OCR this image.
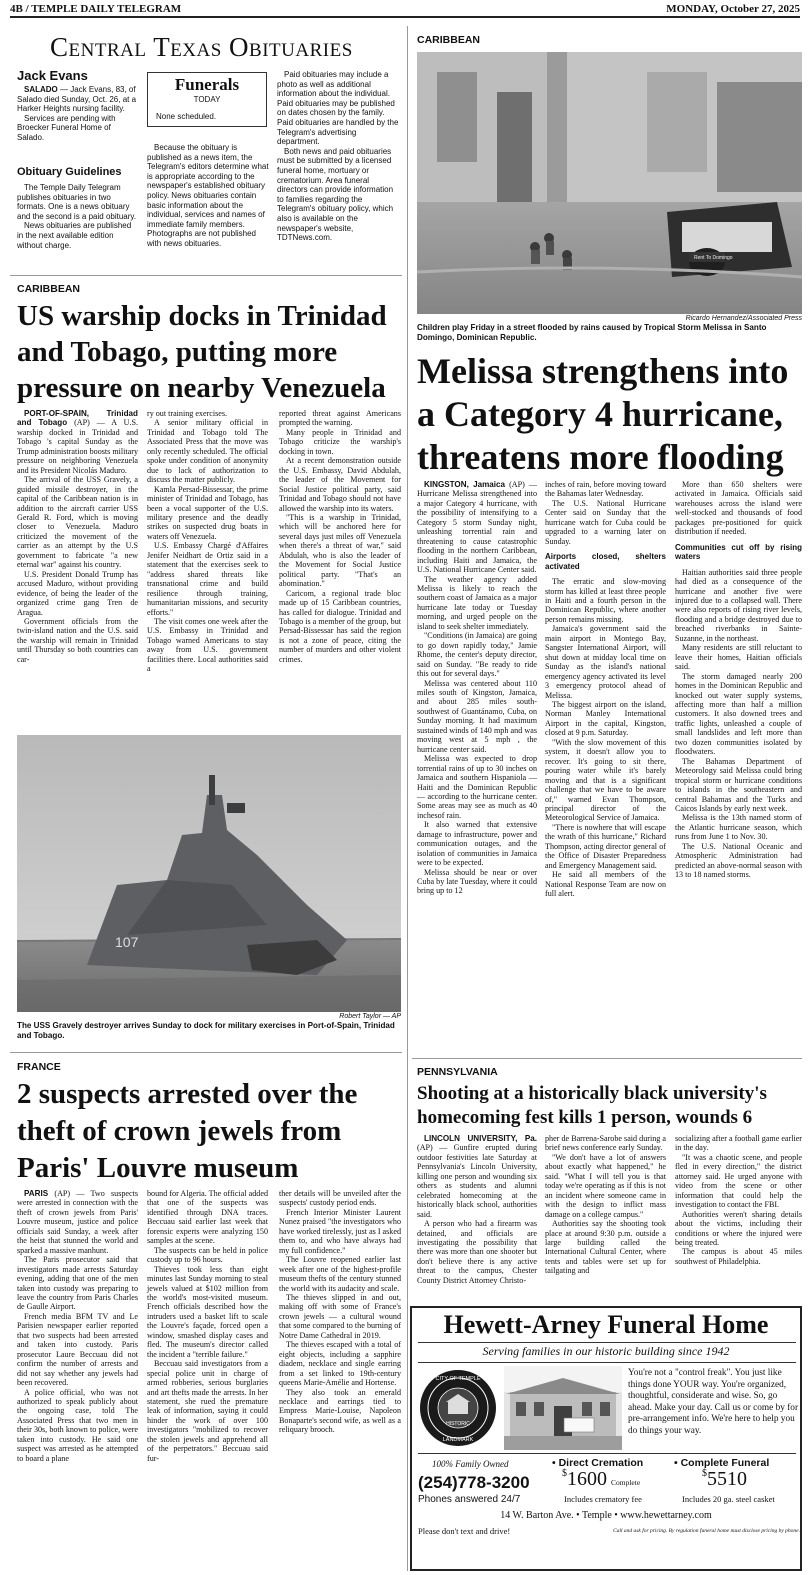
4B / TEMPLE DAILY TELEGRAM	MONDAY, October 27, 2025
Central Texas Obituaries
Jack Evans

SALADO — Jack Evans, 83, of Salado died Sunday, Oct. 26, at a Harker Heights nursing facility.

Services are pending with Broecker Funeral Home of Salado.

Obituary Guidelines

The Temple Daily Telegram publishes obituaries in two formats. One is a news obituary and the second is a paid obituary.

News obituaries are published in the next available edition without charge.

Funerals
TODAY
None scheduled.

Because the obituary is published as a news item, the Telegram's editors determine what is appropriate according to the newspaper's established obituary policy. News obituaries contain basic information about the individual, services and names of immediate family members. Photographs are not published with news obituaries.

Paid obituaries may include a photo as well as additional information about the individual. Paid obituaries may be published on dates chosen by the family. Paid obituaries are handled by the Telegram's advertising department.

Both news and paid obituaries must be submitted by a licensed funeral home, mortuary or crematorium. Area funeral directors can provide information to families regarding the Telegram's obituary policy, which also is available on the newspaper's website, TDTNews.com.

CARIBBEAN
US warship docks in Trinidad and Tobago, putting more pressure on nearby Venezuela

PORT-OF-SPAIN, Trinidad and Tobago (AP) — A U.S. warship docked in Trinidad and Tobago 's capital Sunday as the Trump administration boosts military pressure on neighboring Venezuela and its President Nicolás Maduro.

The arrival of the USS Gravely, a guided missile destroyer, in the capital of the Caribbean nation is in addition to the aircraft carrier USS Gerald R. Ford, which is moving closer to Venezuela. Maduro criticized the movement of the carrier as an attempt by the U.S government to fabricate "a new eternal war" against his country.

U.S. President Donald Trump has accused Maduro, without providing evidence, of being the leader of the organized crime gang Tren de Aragua.

Government officials from the twin-island nation and the U.S. said the warship will remain in Trinidad until Thursday so both countries can car-

ry out training exercises.

A senior military official in Trinidad and Tobago told The Associated Press that the move was only recently scheduled. The official spoke under condition of anonymity due to lack of authorization to discuss the matter publicly.

Kamla Persad-Bissessar, the prime minister of Trinidad and Tobago, has been a vocal supporter of the U.S. military presence and the deadly strikes on suspected drug boats in waters off Venezuela.

U.S. Embassy Chargé d'Affaires Jenifer Neidhart de Ortiz said in a statement that the exercises seek to "address shared threats like transnational crime and build resilience through training, humanitarian missions, and security efforts."

The visit comes one week after the U.S. Embassy in Trinidad and Tobago warned Americans to stay away from U.S. government facilities there. Local authorities said a

reported threat against Americans prompted the warning.

Many people in Trinidad and Tobago criticize the warship's docking in town.

At a recent demonstration outside the U.S. Embassy, David Abdulah, the leader of the Movement for Social Justice political party, said Trinidad and Tobago should not have allowed the warship into its waters.

"This is a warship in Trinidad, which will be anchored here for several days just miles off Venezuela when there's a threat of war," said Abdulah, who is also the leader of the Movement for Social Justice political party. "That's an abomination."

Caricom, a regional trade bloc made up of 15 Caribbean countries, has called for dialogue. Trinidad and Tobago is a member of the group, but Persad-Bissessar has said the region is not a zone of peace, citing the number of murders and other violent crimes.

107
Robert Taylor — AP
The USS Gravely destroyer arrives Sunday to dock for military exercises in Port-of-Spain, Trinidad and Tobago.
FRANCE
2 suspects arrested over the theft of crown jewels from Paris' Louvre museum

PARIS (AP) — Two suspects were arrested in connection with the theft of crown jewels from Paris' Louvre museum, justice and police officials said Sunday, a week after the heist that stunned the world and sparked a massive manhunt.

The Paris prosecutor said that investigators made arrests Saturday evening, adding that one of the men taken into custody was preparing to leave the country from Paris Charles de Gaulle Airport.

French media BFM TV and Le Parisien newspaper earlier reported that two suspects had been arrested and taken into custody. Paris prosecutor Laure Beccuau did not confirm the number of arrests and did not say whether any jewels had been recovered.

A police official, who was not authorized to speak publicly about the ongoing case, told The Associated Press that two men in their 30s, both known to police, were taken into custody. He said one suspect was arrested as he attempted to board a plane

bound for Algeria. The official added that one of the suspects was identified through DNA traces. Beccuau said earlier last week that forensic experts were analyzing 150 samples at the scene.

The suspects can be held in police custody up to 96 hours.

Thieves took less than eight minutes last Sunday morning to steal jewels valued at $102 million from the world's most-visited museum. French officials described how the intruders used a basket lift to scale the Louvre's façade, forced open a window, smashed display cases and fled. The museum's director called the incident a "terrible failure."

Beccuau said investigators from a special police unit in charge of armed robberies, serious burglaries and art thefts made the arrests. In her statement, she rued the premature leak of information, saying it could hinder the work of over 100 investigators "mobilized to recover the stolen jewels and apprehend all of the perpetrators." Beccuau said fur-

ther details will be unveiled after the suspects' custody period ends.

French Interior Minister Laurent Nunez praised "the investigators who have worked tirelessly, just as I asked them to, and who have always had my full confidence."

The Louvre reopened earlier last week after one of the highest-profile museum thefts of the century stunned the world with its audacity and scale.

The thieves slipped in and out, making off with some of France's crown jewels — a cultural wound that some compared to the burning of Notre Dame Cathedral in 2019.

The thieves escaped with a total of eight objects, including a sapphire diadem, necklace and single earring from a set linked to 19th-century queens Marie-Amélie and Hortense.

They also took an emerald necklace and earrings tied to Empress Marie-Louise, Napoleon Bonaparte's second wife, as well as a reliquary brooch.

CARIBBEAN
Rent To Domingo
Ricardo Hernandez/Associated Press
Children play Friday in a street flooded by rains caused by Tropical Storm Melissa in Santo Domingo, Dominican Republic.
Melissa strengthens into a Category 4 hurricane, threatens more flooding

KINGSTON, Jamaica (AP) — Hurricane Melissa strengthened into a major Category 4 hurricane, with the possibility of intensifying to a Category 5 storm Sunday night, unleashing torrential rain and threatening to cause catastrophic flooding in the northern Caribbean, including Haiti and Jamaica, the U.S. National Hurricane Center said.

The weather agency added Melissa is likely to reach the southern coast of Jamaica as a major hurricane late today or Tuesday morning, and urged people on the island to seek shelter immediately.

"Conditions (in Jamaica) are going to go down rapidly today," Jamie Rhome, the center's deputy director, said on Sunday. "Be ready to ride this out for several days."

Melissa was centered about 110 miles south of Kingston, Jamaica, and about 285 miles south-southwest of Guantánamo, Cuba, on Sunday morning. It had maximum sustained winds of 140 mph and was moving west at 5 mph , the hurricane center said.

Melissa was expected to drop torrential rains of up to 30 inches on Jamaica and southern Hispaniola — Haiti and the Dominican Republic — according to the hurricane center. Some areas may see as much as 40 inchesof rain.

It also warned that extensive damage to infrastructure, power and communication outages, and the isolation of communities in Jamaica were to be expected.

Melissa should be near or over Cuba by late Tuesday, where it could bring up to 12

inches of rain, before moving toward the Bahamas later Wednesday.

The U.S. National Hurricane Center said on Sunday that the hurricane watch for Cuba could be upgraded to a warning later on Sunday.

Airports closed, shelters activated

The erratic and slow-moving storm has killed at least three people in Haiti and a fourth person in the Dominican Republic, where another person remains missing.

Jamaica's government said the main airport in Montego Bay, Sangster International Airport, will shut down at midday local time on Sunday as the island's national emergency agency activated its level 3 emergency protocol ahead of Melissa.

The biggest airport on the island, Norman Manley International Airport in the capital, Kingston, closed at 9 p.m. Saturday.

"With the slow movement of this system, it doesn't allow you to recover. It's going to sit there, pouring water while it's barely moving and that is a significant challenge that we have to be aware of," warned Evan Thompson, principal director of the Meteorological Service of Jamaica.

"There is nowhere that will escape the wrath of this hurricane," Richard Thompson, acting director general of the Office of Disaster Preparedness and Emergency Management said.

He said all members of the National Response Team are now on full alert.

More than 650 shelters were activated in Jamaica. Officials said warehouses across the island were well-stocked and thousands of food packages pre-positioned for quick distribution if needed.

Communities cut off by rising waters

Haitian authorities said three people had died as a consequence of the hurricane and another five were injured due to a collapsed wall. There were also reports of rising river levels, flooding and a bridge destroyed due to breached riverbanks in Sainte-Suzanne, in the northeast.

Many residents are still reluctant to leave their homes, Haitian officials said.

The storm damaged nearly 200 homes in the Dominican Republic and knocked out water supply systems, affecting more than half a million customers. It also downed trees and traffic lights, unleashed a couple of small landslides and left more than two dozen communities isolated by floodwaters.

The Bahamas Department of Meteorology said Melissa could bring tropical storm or hurricane conditions to islands in the southeastern and central Bahamas and the Turks and Caicos Islands by early next week.

Melissa is the 13th named storm of the Atlantic hurricane season, which runs from June 1 to Nov. 30.

The U.S. National Oceanic and Atmospheric Administration had predicted an above-normal season with 13 to 18 named storms.

PENNSYLVANIA
Shooting at a historically black university's homecoming fest kills 1 person, wounds 6

LINCOLN UNIVERSITY, Pa. (AP) — Gunfire erupted during outdoor festivities late Saturday at Pennsylvania's Lincoln University, killing one person and wounding six others as students and alumni celebrated homecoming at the historically black school, authorities said.

A person who had a firearm was detained, and officials are investigating the possibility that there was more than one shooter but don't believe there is any active threat to the campus, Chester County District Attorney Christo-

pher de Barrena-Sarobe said during a brief news conference early Sunday.

"We don't have a lot of answers about exactly what happened," he said. "What I will tell you is that today we're operating as if this is not an incident where someone came in with the design to inflict mass damage on a college campus."

Authorities say the shooting took place at around 9:30 p.m. outside a large building called the International Cultural Center, where tents and tables were set up for tailgating and

socializing after a football game earlier in the day.

"It was a chaotic scene, and people fled in every direction," the district attorney said. He urged anyone with video from the scene or other information that could help the investigation to contact the FBI.

Authorities weren't sharing details about the victims, including their conditions or where the injured were being treated.

The campus is about 45 miles southwest of Philadelphia.

Hewett-Arney Funeral Home
Serving families in our historic building since 1942
CITY OF TEMPLE
HISTORIC
LANDMARK
You're not a "control freak". You just like things done YOUR way. You're organized, thoughtful, considerate and wise. So, go ahead. Make your day. Call us or come by for pre-arrangement info. We're here to help you do things your way.
100% Family Owned
(254)778-3200
Phones answered 24/7
• Direct Cremation
$1600 Complete
Includes crematory fee
• Complete Funeral
$5510
Includes 20 ga. steel casket
14 W. Barton Ave. • Temple • www.hewettarney.com
Please don't text and drive!	Call and ask for pricing. By regulation funeral home must disclose pricing by phone.
